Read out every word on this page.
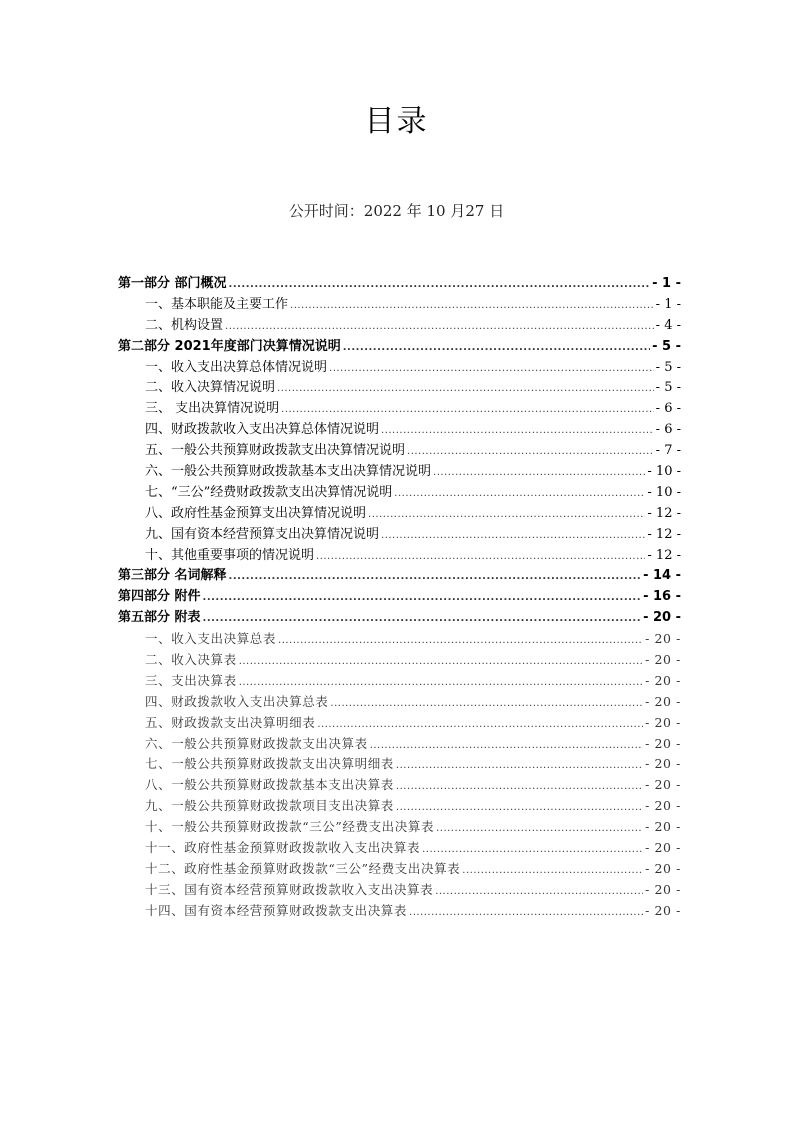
目录
公开时间：2022 年 10 月27 日
第一部分 部门概况 .....	- 1 -
一、基本职能及主要工作 .....	- 1 -
二、机构设置 .....	- 4 -
第二部分 2021年度部门决算情况说明 .....	- 5 -
一、收入支出决算总体情况说明 .....	- 5 -
二、收入决算情况说明 .....	- 5 -
三、 支出决算情况说明 .....	- 6 -
四、财政拨款收入支出决算总体情况说明 .....	- 6 -
五、一般公共预算财政拨款支出决算情况说明 .....	- 7 -
六、一般公共预算财政拨款基本支出决算情况说明 .....	- 10 -
七、“三公”经费财政拨款支出决算情况说明 .....	- 10 -
八、政府性基金预算支出决算情况说明 .....	- 12 -
九、国有资本经营预算支出决算情况说明 .....	- 12 -
十、其他重要事项的情况说明 .....	- 12 -
第三部分 名词解释 .....	- 14 -
第四部分 附件 .....	- 16 -
第五部分 附表 .....	- 20 -
一、收入支出决算总表 .....	- 20 -
二、收入决算表 .....	- 20 -
三、支出决算表 .....	- 20 -
四、财政拨款收入支出决算总表 .....	- 20 -
五、财政拨款支出决算明细表 .....	- 20 -
六、一般公共预算财政拨款支出决算表 .....	- 20 -
七、一般公共预算财政拨款支出决算明细表 .....	- 20 -
八、一般公共预算财政拨款基本支出决算表 .....	- 20 -
九、一般公共预算财政拨款项目支出决算表 .....	- 20 -
十、一般公共预算财政拨款“三公”经费支出决算表 .....	- 20 -
十一、政府性基金预算财政拨款收入支出决算表 .....	- 20 -
十二、政府性基金预算财政拨款“三公”经费支出决算表 .....	- 20 -
十三、国有资本经营预算财政拨款收入支出决算表 .....	- 20 -
十四、国有资本经营预算财政拨款支出决算表 .....	- 20 -
